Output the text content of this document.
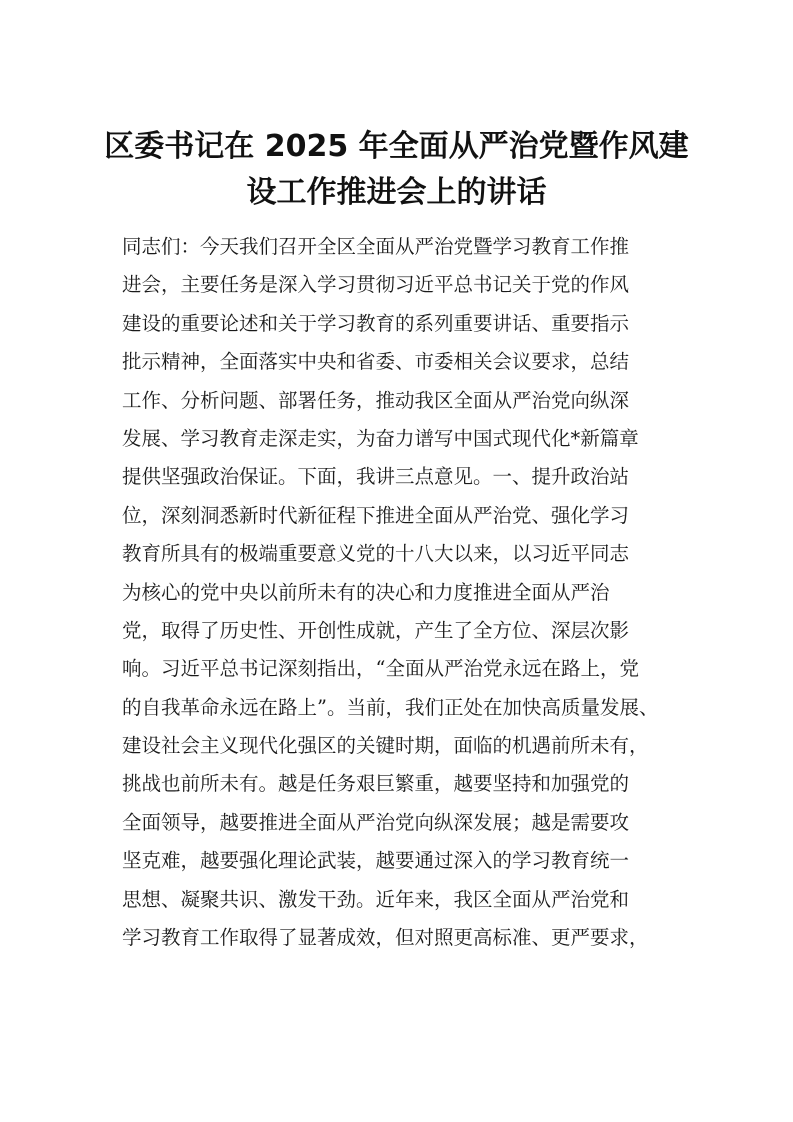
区委书记在 2025 年全面从严治党暨作风建
设工作推进会上的讲话
同志们：今天我们召开全区全面从严治党暨学习教育工作推
进会，主要任务是深入学习贯彻习近平总书记关于党的作风
建设的重要论述和关于学习教育的系列重要讲话、重要指示
批示精神，全面落实中央和省委、市委相关会议要求，总结
工作、分析问题、部署任务，推动我区全面从严治党向纵深
发展、学习教育走深走实，为奋力谱写中国式现代化*新篇章
提供坚强政治保证。下面，我讲三点意见。一、提升政治站
位，深刻洞悉新时代新征程下推进全面从严治党、强化学习
教育所具有的极端重要意义党的十八大以来，以习近平同志
为核心的党中央以前所未有的决心和力度推进全面从严治
党，取得了历史性、开创性成就，产生了全方位、深层次影
响。习近平总书记深刻指出，“全面从严治党永远在路上，党
的自我革命永远在路上”。当前，我们正处在加快高质量发展、
建设社会主义现代化强区的关键时期，面临的机遇前所未有，
挑战也前所未有。越是任务艰巨繁重，越要坚持和加强党的
全面领导，越要推进全面从严治党向纵深发展；越是需要攻
坚克难，越要强化理论武装，越要通过深入的学习教育统一
思想、凝聚共识、激发干劲。近年来，我区全面从严治党和
学习教育工作取得了显著成效，但对照更高标准、更严要求，
